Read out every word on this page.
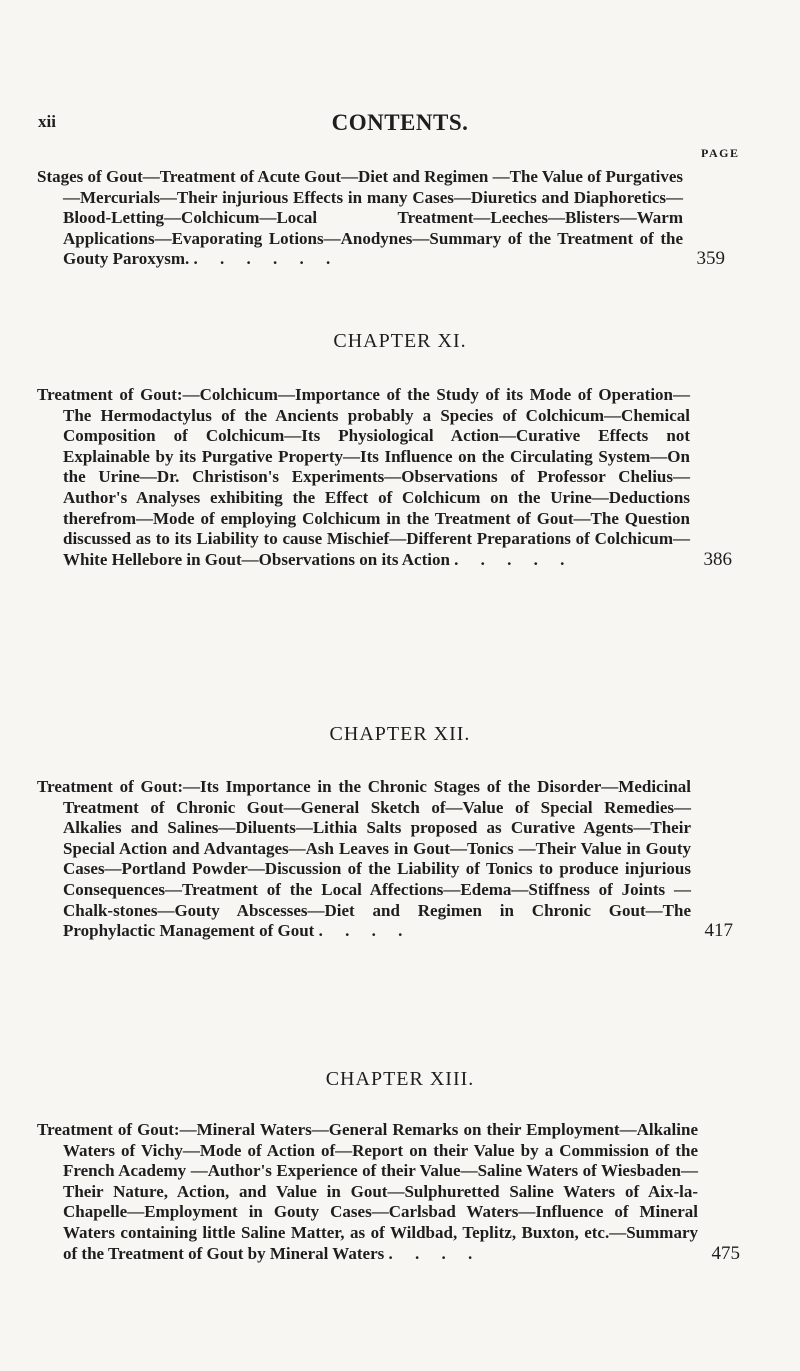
xii	CONTENTS.
PAGE
Stages of Gout—Treatment of Acute Gout—Diet and Regimen —The Value of Purgatives—Mercurials—Their injurious Effects in many Cases—Diuretics and Diaphoretics—Blood-Letting—Colchicum—Local Treatment—Leeches—Blisters—Warm Applications—Evaporating Lotions—Anodynes—Summary of the Treatment of the Gouty Paroxysm. . . . . . .	359
CHAPTER XI.
Treatment of Gout:—Colchicum—Importance of the Study of its Mode of Operation—The Hermodactylus of the Ancients probably a Species of Colchicum—Chemical Composition of Colchicum—Its Physiological Action—Curative Effects not Explainable by its Purgative Property—Its Influence on the Circulating System—On the Urine—Dr. Christison's Experiments—Observations of Professor Chelius—Author's Analyses exhibiting the Effect of Colchicum on the Urine—Deductions therefrom—Mode of employing Colchicum in the Treatment of Gout—The Question discussed as to its Liability to cause Mischief—Different Preparations of Colchicum—White Hellebore in Gout—Observations on its Action . . . . .	386
CHAPTER XII.
Treatment of Gout:—Its Importance in the Chronic Stages of the Disorder—Medicinal Treatment of Chronic Gout—General Sketch of—Value of Special Remedies—Alkalies and Salines—Diluents—Lithia Salts proposed as Curative Agents—Their Special Action and Advantages—Ash Leaves in Gout—Tonics —Their Value in Gouty Cases—Portland Powder—Discussion of the Liability of Tonics to produce injurious Consequences—Treatment of the Local Affections—Edema—Stiffness of Joints —Chalk-stones—Gouty Abscesses—Diet and Regimen in Chronic Gout—The Prophylactic Management of Gout . . . .	417
CHAPTER XIII.
Treatment of Gout:—Mineral Waters—General Remarks on their Employment—Alkaline Waters of Vichy—Mode of Action of—Report on their Value by a Commission of the French Academy —Author's Experience of their Value—Saline Waters of Wiesbaden—Their Nature, Action, and Value in Gout—Sulphuretted Saline Waters of Aix-la-Chapelle—Employment in Gouty Cases—Carlsbad Waters—Influence of Mineral Waters containing little Saline Matter, as of Wildbad, Teplitz, Buxton, etc.—Summary of the Treatment of Gout by Mineral Waters . . . .	475
